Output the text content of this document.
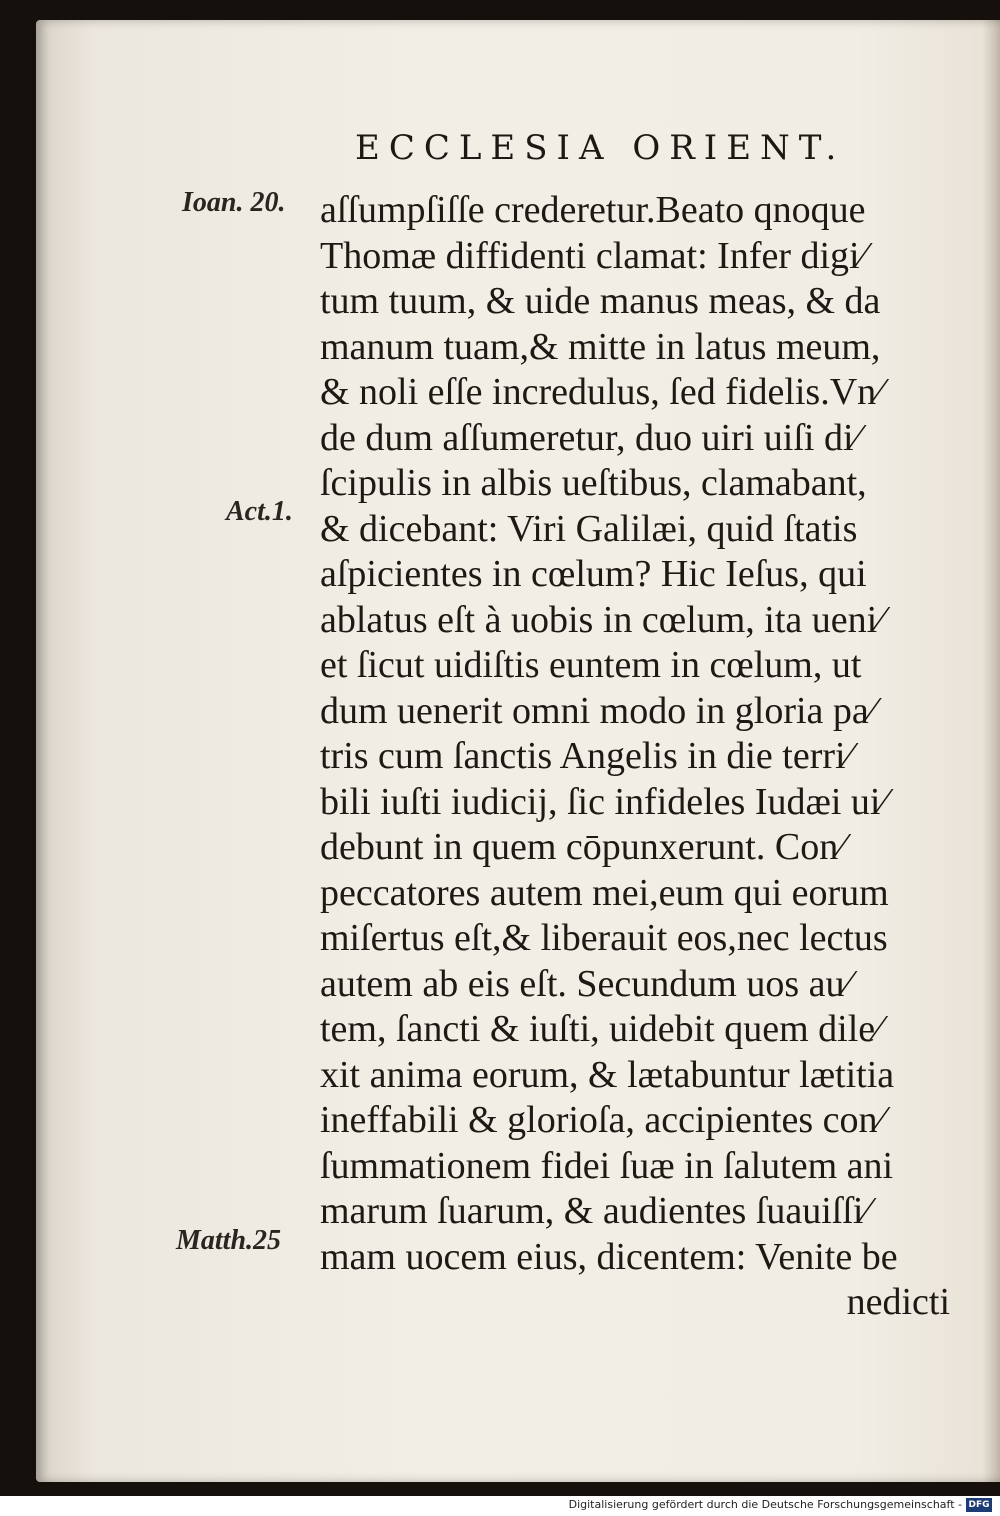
ECCLESIA ORIENT.
Ioan. 20.
Act.1.
Matth.25
aſſumpſiſſe crederetur.Beato qnoque
Thomæ diffidenti clamat: Infer digi⁄
tum tuum, & uide manus meas, & da
manum tuam,& mitte in latus meum,
& noli eſſe incredulus, ſed fidelis.Vn⁄
de dum aſſumeretur, duo uiri uiſi di⁄
ſcipulis in albis ueſtibus, clamabant,
& dicebant: Viri Galilæi, quid ſtatis
aſpicientes in cœlum? Hic Ieſus, qui
ablatus eſt à uobis in cœlum, ita ueni⁄
et ſicut uidiſtis euntem in cœlum, ut
dum uenerit omni modo in gloria pa⁄
tris cum ſanctis Angelis in die terri⁄
bili iuſti iudicij, ſic infideles Iudæi ui⁄
debunt in quem cōpunxerunt. Con⁄
peccatores autem mei,eum qui eorum
miſertus eſt,& liberauit eos,nec lectus
autem ab eis eſt. Secundum uos au⁄
tem, ſancti & iuſti, uidebit quem dile⁄
xit anima eorum, & lætabuntur lætitia
ineffabili & glorioſa, accipientes con⁄
ſummationem fidei ſuæ in ſalutem ani
marum ſuarum, & audientes ſuauiſſi⁄
mam uocem eius, dicentem: Venite be
nedicti
Digitalisierung gefördert durch die Deutsche Forschungsgemeinschaft - DFG
